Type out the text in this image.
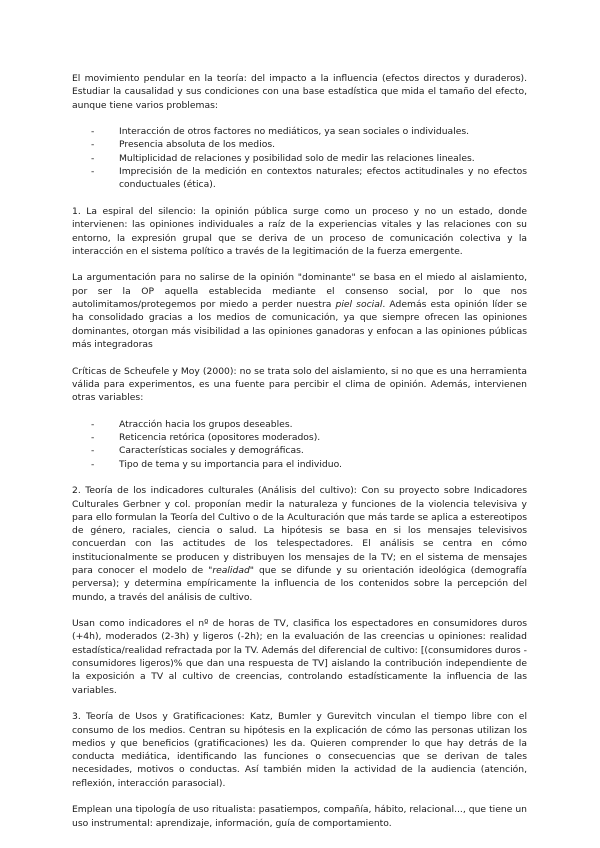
El movimiento pendular en la teoría: del impacto a la influencia (efectos directos y duraderos). Estudiar la causalidad y sus condiciones con una base estadística que mida el tamaño del efecto, aunque tiene varios problemas:

- Interacción de otros factores no mediáticos, ya sean sociales o individuales.
- Presencia absoluta de los medios.
- Multiplicidad de relaciones y posibilidad solo de medir las relaciones lineales.
- Imprecisión de la medición en contextos naturales; efectos actitudinales y no efectos conductuales (ética).

1. La espiral del silencio: la opinión pública surge como un proceso y no un estado, donde intervienen: las opiniones individuales a raíz de la experiencias vitales y las relaciones con su entorno, la expresión grupal que se deriva de un proceso de comunicación colectiva y la interacción en el sistema político a través de la legitimación de la fuerza emergente.

La argumentación para no salirse de la opinión "dominante" se basa en el miedo al aislamiento, por ser la OP aquella establecida mediante el consenso social, por lo que nos autolimitamos/protegemos por miedo a perder nuestra piel social. Además esta opinión líder se ha consolidado gracias a los medios de comunicación, ya que siempre ofrecen las opiniones dominantes, otorgan más visibilidad a las opiniones ganadoras y enfocan a las opiniones públicas más integradoras

Críticas de Scheufele y Moy (2000): no se trata solo del aislamiento, si no que es una herramienta válida para experimentos, es una fuente para percibir el clima de opinión. Además, intervienen otras variables:

- Atracción hacia los grupos deseables.
- Reticencia retórica (opositores moderados).
- Características sociales y demográficas.
- Tipo de tema y su importancia para el individuo.

2. Teoría de los indicadores culturales (Análisis del cultivo): Con su proyecto sobre Indicadores Culturales Gerbner y col. proponían medir la naturaleza y funciones de la violencia televisiva y para ello formulan la Teoría del Cultivo o de la Aculturación que más tarde se aplica a estereotipos de género, raciales, ciencia o salud. La hipótesis se basa en si los mensajes televisivos concuerdan con las actitudes de los telespectadores. El análisis se centra en cómo institucionalmente se producen y distribuyen los mensajes de la TV; en el sistema de mensajes para conocer el modelo de "realidad" que se difunde y su orientación ideológica (demografía perversa); y determina empíricamente la influencia de los contenidos sobre la percepción del mundo, a través del análisis de cultivo.

Usan como indicadores el nº de horas de TV, clasifica los espectadores en consumidores duros (+4h), moderados (2-3h) y ligeros (-2h); en la evaluación de las creencias u opiniones: realidad estadística/realidad refractada por la TV. Además del diferencial de cultivo: [(consumidores duros - consumidores ligeros)% que dan una respuesta de TV] aislando la contribución independiente de la exposición a TV al cultivo de creencias, controlando estadísticamente la influencia de las variables.

3. Teoría de Usos y Gratificaciones: Katz, Bumler y Gurevitch vinculan el tiempo libre con el consumo de los medios. Centran su hipótesis en la explicación de cómo las personas utilizan los medios y que beneficios (gratificaciones) les da. Quieren comprender lo que hay detrás de la conducta mediática, identificando las funciones o consecuencias que se derivan de tales necesidades, motivos o conductas. Así también miden la actividad de la audiencia (atención, reflexión, interacción parasocial).

Emplean una tipología de uso ritualista: pasatiempos, compañía, hábito, relacional..., que tiene un uso instrumental: aprendizaje, información, guía de comportamiento.
